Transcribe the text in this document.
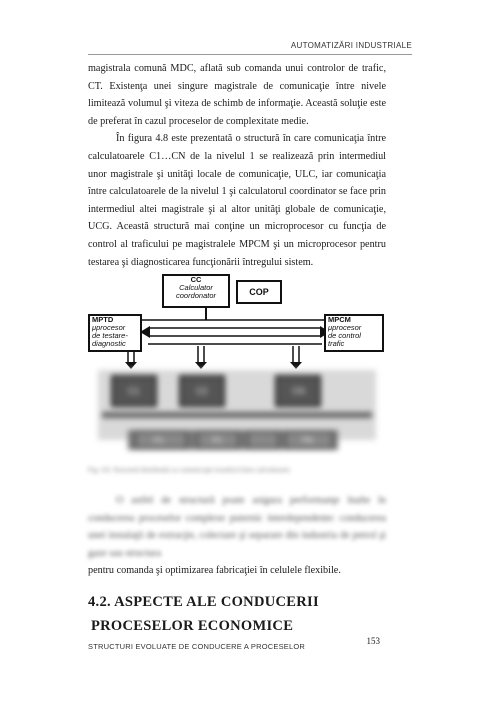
AUTOMATIZĂRI INDUSTRIALE

magistrala comună MDC, aflată sub comanda unui controlor de trafic, CT. Existenţa unei singure magistrale de comunicaţie între nivele limitează volumul şi viteza de schimb de informaţie. Această soluţie este de preferat în cazul proceselor de complexitate medie.

În figura 4.8 este prezentată o structură în care comunicaţia între calculatoarele C1…CN de la nivelul 1 se realizează prin intermediul unor magistrale şi unităţi locale de comunicaţie, ULC, iar comunicaţia între calculatoarele de la nivelul 1 şi calculatorul coordinator se face prin intermediul altei magistrale şi al altor unităţi globale de comunicaţie, UCG. Această structură mai conţine un microprocesor cu funcţia de control al traficului pe magistralele MPCM şi un microprocesor pentru testarea şi diagnosticarea funcţionării întregului sistem.

C1	C2	CN
P1	P2	PN
CC
Calculator
coordonator	COP
MPTD
μprocesor
de testare-
diagnostic
MPCM
μprocesor
de control
trafic
Fig. 4.8. Structură distribuită cu comunicaţie ierarhică între calculatoare.
O astfel de structură poate asigura performanţe înalte în conducerea proceselor complexe puternic interdependente: conducerea unei instalaţii de extracţie, colectare şi separare din industria de petrol şi gaze sau structura
pentru comanda şi optimizarea fabricaţiei în celulele flexibile.
4.2. ASPECTE ALE CONDUCERII
PROCESELOR ECONOMICE
153
STRUCTURI EVOLUATE DE CONDUCERE A PROCESELOR
